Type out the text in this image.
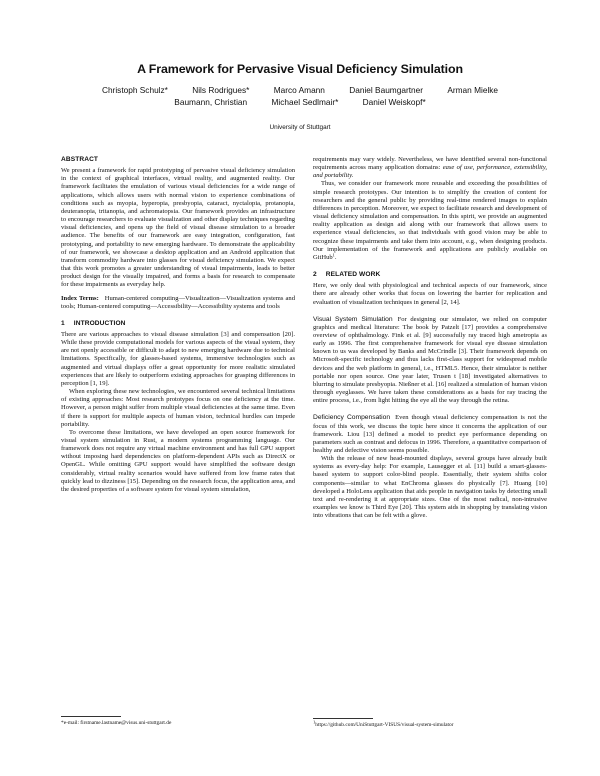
A Framework for Pervasive Visual Deficiency Simulation
Christoph Schulz*	Nils Rodrigues*	Marco Amann	Daniel Baumgartner	Arman Mielke
Baumann, Christian	Michael Sedlmair*	Daniel Weiskopf*
University of Stuttgart
ABSTRACT

We present a framework for rapid prototyping of pervasive visual deficiency simulation in the context of graphical interfaces, virtual reality, and augmented reality. Our framework facilitates the emulation of various visual deficiencies for a wide range of applications, which allows users with normal vision to experience combinations of conditions such as myopia, hyperopia, presbyopia, cataract, nyctalopia, protanopia, deuteranopia, tritanopia, and achromatopsia. Our framework provides an infrastructure to encourage researchers to evaluate visualization and other display techniques regarding visual deficiencies, and opens up the field of visual disease simulation to a broader audience. The benefits of our framework are easy integration, configuration, fast prototyping, and portability to new emerging hardware. To demonstrate the applicability of our framework, we showcase a desktop application and an Android application that transform commodity hardware into glasses for visual deficiency simulation. We expect that this work promotes a greater understanding of visual impairments, leads to better product design for the visually impaired, and forms a basis for research to compensate for these impairments as everyday help.

Index Terms: Human-centered computing—Visualization—Visualization systems and tools; Human-centered computing—Accessibility—Accessibility systems and tools

1 INTRODUCTION

There are various approaches to visual disease simulation [3] and compensation [20]. While these provide computational models for various aspects of the visual system, they are not openly accessible or difficult to adapt to new emerging hardware due to technical limitations. Specifically, for glasses-based systems, immersive technologies such as augmented and virtual displays offer a great opportunity for more realistic simulated experiences that are likely to outperform existing approaches for grasping differences in perception [1, 19].

When exploring these new technologies, we encountered several technical limitations of existing approaches: Most research prototypes focus on one deficiency at the time. However, a person might suffer from multiple visual deficiencies at the same time. Even if there is support for multiple aspects of human vision, technical hurdles can impede portability.

To overcome these limitations, we have developed an open source framework for visual system simulation in Rust, a modern systems programming language. Our framework does not require any virtual machine environment and has full GPU support without imposing hard dependencies on platform-dependent APIs such as DirectX or OpenGL. While omitting GPU support would have simplified the software design considerably, virtual reality scenarios would have suffered from low frame rates that quickly lead to dizziness [15]. Depending on the research focus, the application area, and the desired properties of a software system for visual system simulation,

requirements may vary widely. Nevertheless, we have identified several non-functional requirements across many application domains: ease of use, performance, extensibility, and portability.

Thus, we consider our framework more reusable and exceeding the possibilities of simple research prototypes. Our intention is to simplify the creation of content for researchers and the general public by providing real-time rendered images to explain differences in perception. Moreover, we expect to facilitate research and development of visual deficiency simulation and compensation. In this spirit, we provide an augmented reality application as design aid along with our framework that allows users to experience visual deficiencies, so that individuals with good vision may be able to recognize these impairments and take them into account, e.g., when designing products. Our implementation of the framework and applications are publicly available on GitHub$^1$.

2 RELATED WORK

Here, we only deal with physiological and technical aspects of our framework, since there are already other works that focus on lowering the barrier for replication and evaluation of visualization techniques in general [2, 14].

Visual System Simulation For designing our simulator, we relied on computer graphics and medical literature: The book by Patzelt [17] provides a comprehensive overview of ophthalmology. Fink et al. [9] successfully ray traced high ametropia as early as 1996. The first comprehensive framework for visual eye disease simulation known to us was developed by Banks and McCrindle [3]. Their framework depends on Microsoft-specific technology and thus lacks first-class support for widespread mobile devices and the web platform in general, i.e., HTML5. Hence, their simulator is neither portable nor open source. One year later, Trusen t [18] investigated alternatives to blurring to simulate presbyopia. Nießner et al. [16] realized a simulation of human vision through eyeglasses. We have taken these considerations as a basis for ray tracing the entire process, i.e., from light hitting the eye all the way through the retina.

Deficiency Compensation Even though visual deficiency compensation is not the focus of this work, we discuss the topic here since it concerns the application of our framework. Liou [13] defined a model to predict eye performance depending on parameters such as contrast and defocus in 1996. Therefore, a quantitative comparison of healthy and defective vision seems possible.

With the release of new head-mounted displays, several groups have already built systems as every-day help: For example, Lausegger et al. [11] build a smart-glasses-based system to support color-blind people. Essentially, their system shifts color components—similar to what EnChroma glasses do physically [7]. Huang [10] developed a HoloLens application that aids people in navigation tasks by detecting small text and re-rendering it at appropriate sizes. One of the most radical, non-intrusive examples we know is Third Eye [20]. This system aids in shopping by translating vision into vibrations that can be felt with a glove.

*e-mail: firstname.lastname@visus.uni-stuttgart.de	$^1$https://github.com/UniStuttgart-VISUS/visual-system-simulator
